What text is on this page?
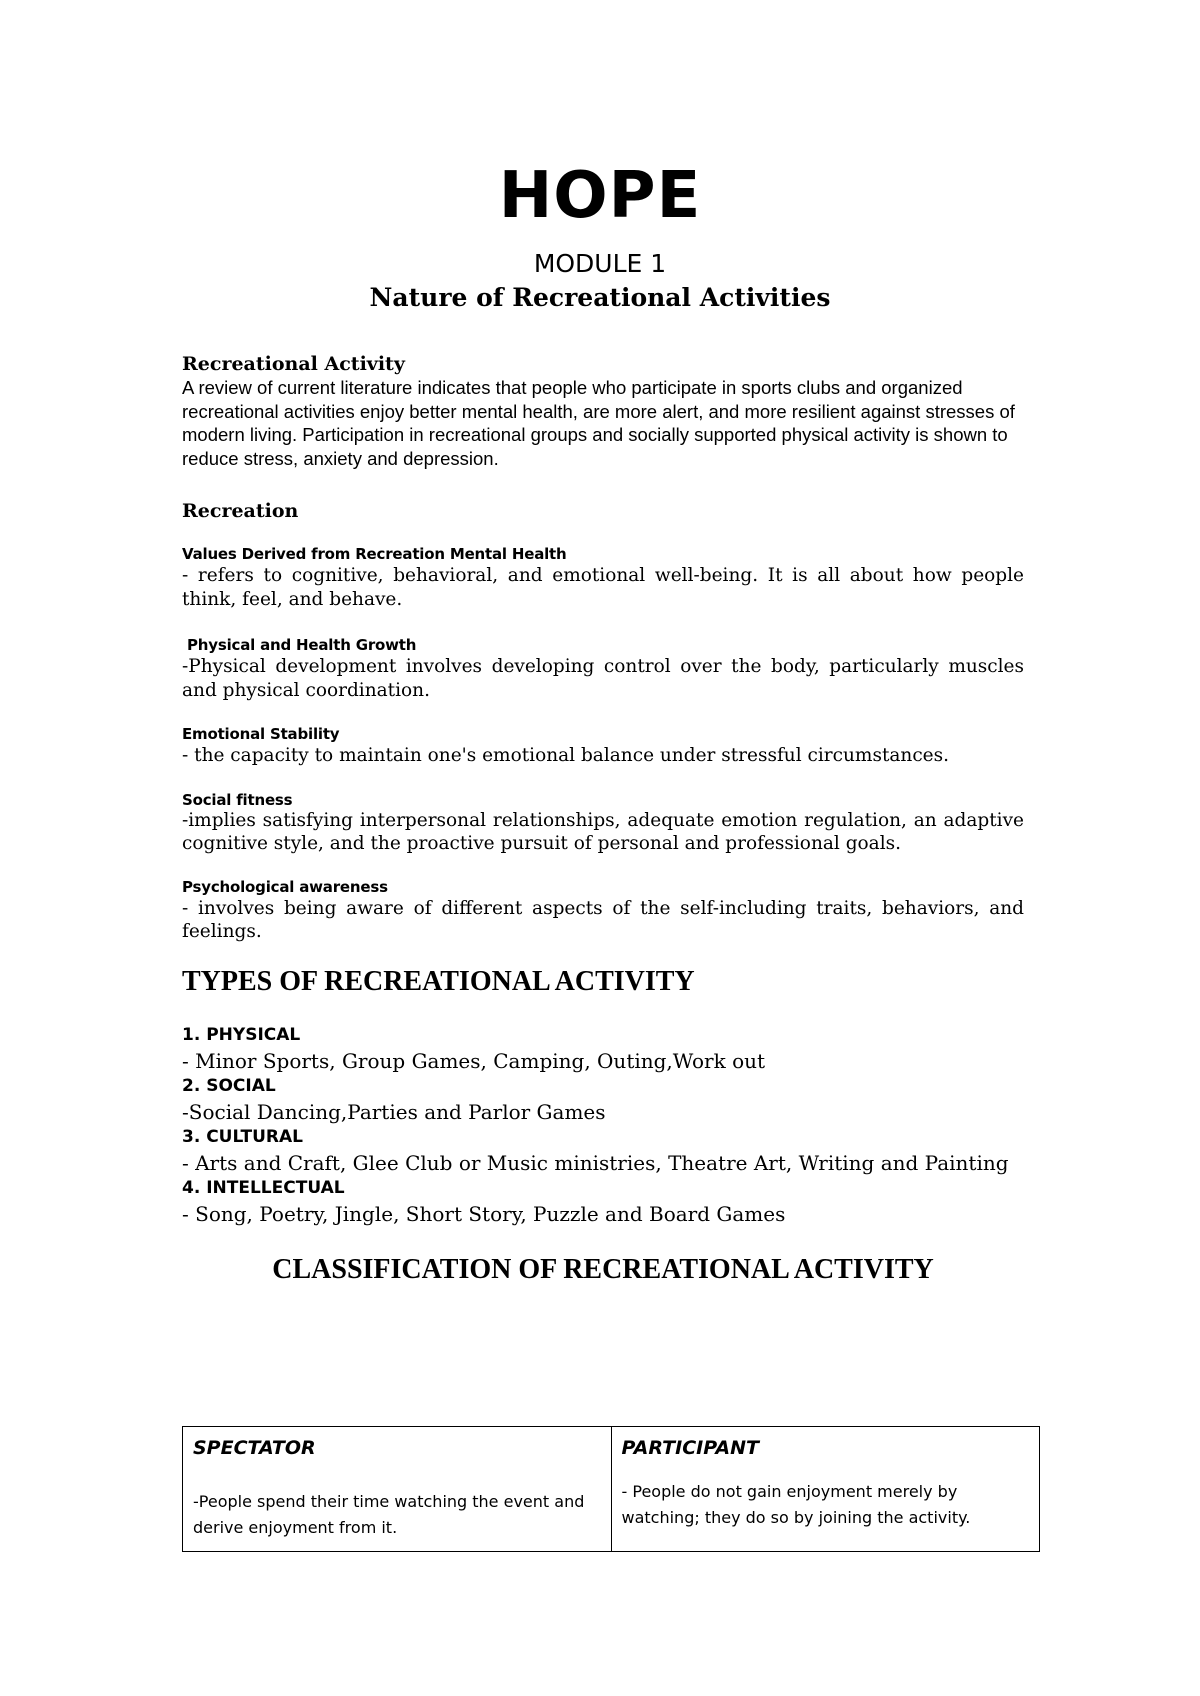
HOPE
MODULE 1
Nature of Recreational Activities

Recreational Activity

A review of current literature indicates that people who participate in sports clubs and organized recreational activities enjoy better mental health, are more alert, and more resilient against stresses of modern living. Participation in recreational groups and socially supported physical activity is shown to reduce stress, anxiety and depression.

Recreation

Values Derived from Recreation Mental Health

- refers to cognitive, behavioral, and emotional well-being. It is all about how people think, feel, and behave.

Physical and Health Growth

-Physical development involves developing control over the body, particularly muscles and physical coordination.

Emotional Stability

- the capacity to maintain one's emotional balance under stressful circumstances.

Social fitness

-implies satisfying interpersonal relationships, adequate emotion regulation, an adaptive cognitive style, and the proactive pursuit of personal and professional goals.

Psychological awareness

- involves being aware of different aspects of the self-including traits, behaviors, and feelings.

TYPES OF RECREATIONAL ACTIVITY

1. PHYSICAL

- Minor Sports, Group Games, Camping, Outing,Work out

2. SOCIAL

-Social Dancing,Parties and Parlor Games

3. CULTURAL

- Arts and Craft, Glee Club or Music ministries, Theatre Art, Writing and Painting

4. INTELLECTUAL

- Song, Poetry, Jingle, Short Story, Puzzle and Board Games

CLASSIFICATION OF RECREATIONAL ACTIVITY

SPECTATOR
-People spend their time watching the event and derive enjoyment from it.

PARTICIPANT
- People do not gain enjoyment merely by watching; they do so by joining the activity.
